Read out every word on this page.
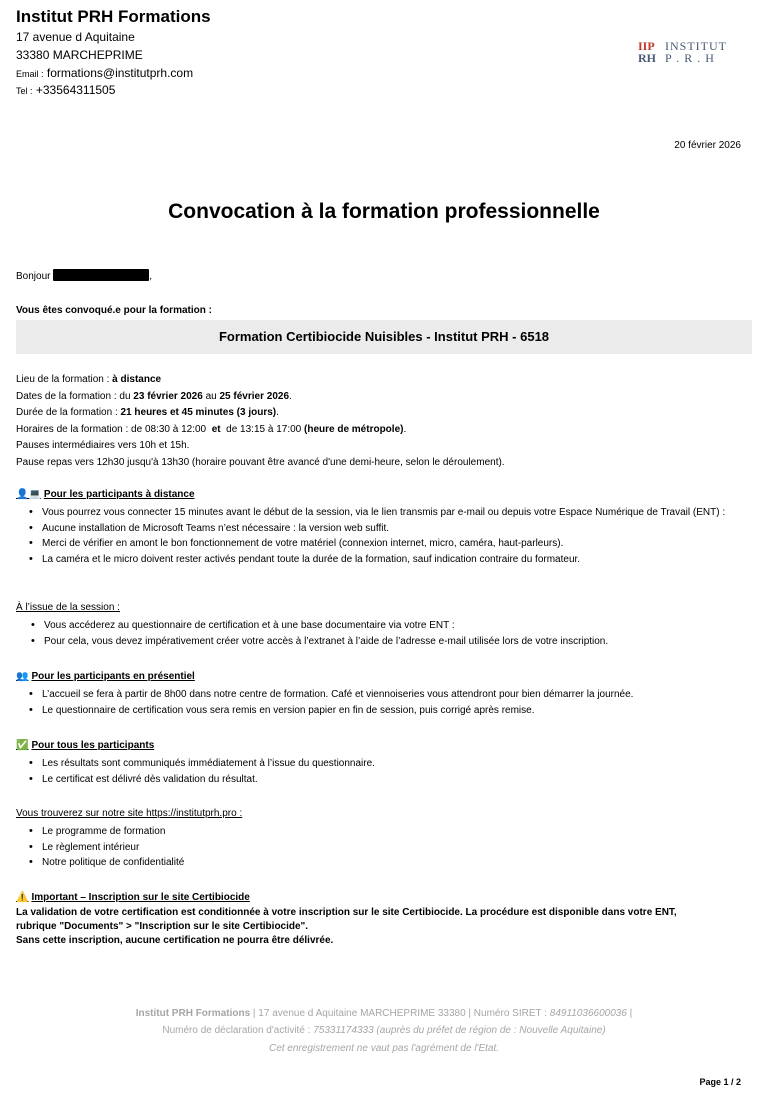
Institut PRH Formations
17 avenue d Aquitaine
33380 MARCHEPRIME
Email : formations@institutprh.com
Tel : +33564311505
IIP
RH
INSTITUT
P . R . H
20 février 2026
Convocation à la formation professionnelle
Bonjour	,
Vous êtes convoqué.e pour la formation :
Formation Certibiocide Nuisibles - Institut PRH - 6518
Lieu de la formation : à distance
Dates de la formation : du 23 février 2026 au 25 février 2026.
Durée de la formation : 21 heures et 45 minutes (3 jours).
Horaires de la formation : de 08:30 à 12:00  et  de 13:15 à 17:00 (heure de métropole).
Pauses intermédiaires vers 10h et 15h.
Pause repas vers 12h30 jusqu'à 13h30 (horaire pouvant être avancé d'une demi-heure, selon le déroulement).
👤💻 Pour les participants à distance
• Vous pourrez vous connecter 15 minutes avant le début de la session, via le lien transmis par e-mail ou depuis votre Espace Numérique de Travail (ENT) :
• Aucune installation de Microsoft Teams n’est nécessaire : la version web suffit.
• Merci de vérifier en amont le bon fonctionnement de votre matériel (connexion internet, micro, caméra, haut-parleurs).
• La caméra et le micro doivent rester activés pendant toute la durée de la formation, sauf indication contraire du formateur.
À l’issue de la session :
• Vous accéderez au questionnaire de certification et à une base documentaire via votre ENT :
• Pour cela, vous devez impérativement créer votre accès à l’extranet à l’aide de l’adresse e-mail utilisée lors de votre inscription.
👥 Pour les participants en présentiel
• L’accueil se fera à partir de 8h00 dans notre centre de formation. Café et viennoiseries vous attendront pour bien démarrer la journée.
• Le questionnaire de certification vous sera remis en version papier en fin de session, puis corrigé après remise.
✅ Pour tous les participants
• Les résultats sont communiqués immédiatement à l’issue du questionnaire.
• Le certificat est délivré dès validation du résultat.
Vous trouverez sur notre site https://institutprh.pro :
• Le programme de formation
• Le règlement intérieur
• Notre politique de confidentialité
⚠️ Important – Inscription sur le site Certibiocide
La validation de votre certification est conditionnée à votre inscription sur le site Certibiocide. La procédure est disponible dans votre ENT,
rubrique "Documents" > "Inscription sur le site Certibiocide".
Sans cette inscription, aucune certification ne pourra être délivrée.
Institut PRH Formations | 17 avenue d Aquitaine MARCHEPRIME 33380 | Numéro SIRET : 84911036600036 |
Numéro de déclaration d'activité : 75331174333 (auprès du préfet de région de : Nouvelle Aquitaine)
Cet enregistrement ne vaut pas l'agrément de l'Etat.
Page 1 / 2
